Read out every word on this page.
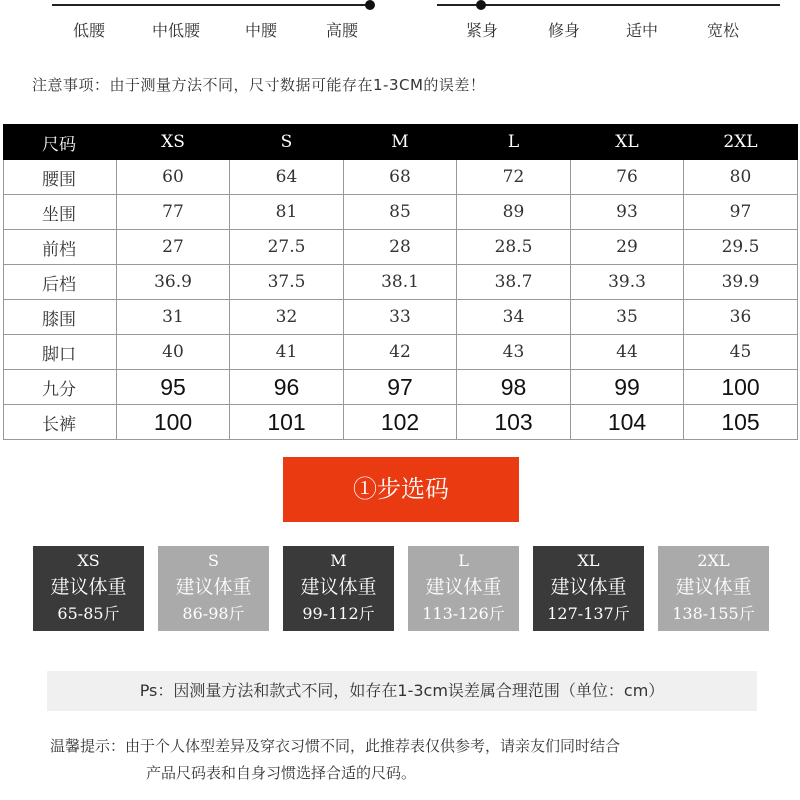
低腰	中低腰	中腰	高腰	紧身	修身	适中	宽松
注意事项：由于测量方法不同，尺寸数据可能存在1-3CM的误差！
尺码	XS	S	M	L	XL	2XL
腰围	60	64	68	72	76	80
坐围	77	81	85	89	93	97
前档	27	27.5	28	28.5	29	29.5
后档	36.9	37.5	38.1	38.7	39.3	39.9
膝围	31	32	33	34	35	36
脚口	40	41	42	43	44	45
九分	95	96	97	98	99	100
长裤	100	101	102	103	104	105
①步选码
XS
建议体重
65-85斤
S
建议体重
86-98斤
M
建议体重
99-112斤
L
建议体重
113-126斤
XL
建议体重
127-137斤
2XL
建议体重
138-155斤
Ps：因测量方法和款式不同，如存在1-3cm误差属合理范围（单位：cm）
温馨提示：由于个人体型差异及穿衣习惯不同，此推荐表仅供参考，请亲友们同时结合
产品尺码表和自身习惯选择合适的尺码。
